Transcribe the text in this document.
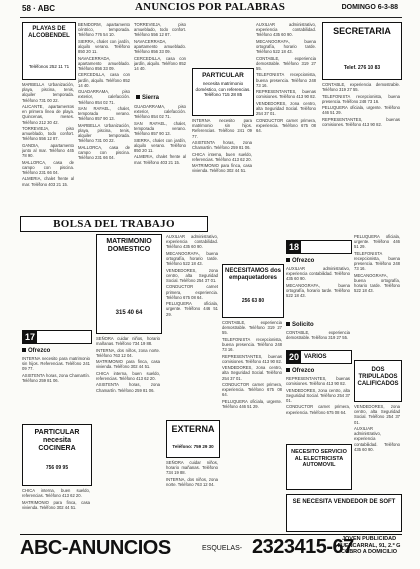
58 · ABC	ANUNCIOS POR PALABRAS	DOMINGO 6-3-88
PLAYAS DE ALCOBENDEL
Teléfonos 252 11 71

MARBELLA Urbanización, playa, piscina, tenis, alquiler temporada. Teléfono 731 00 22.

ALICANTE, apartamentos en primera línea de playa. Quincenas, meses. Teléfono 212 30 42.

TORREVIEJA, piso amueblado, todo confort. Teléfono 556 12 87.

GANDIA, apartamento junto al mar. Teléfono 445 78 90.

MALLORCA, casa de campo con piscina. Teléfono 231 66 04.

ALMERIA, chalet frente al mar. Teléfono 403 21 15.

BENIDORM, apartamento céntrico, temporada. Teléfono 776 54 10.

SIERRA, chalet con jardín, alquilo verano. Teléfono 850 20 11.

NAVACERRADA, apartamento amueblado. Teléfono 856 33 09.

CERCEDILLA, casa con jardín, alquilo. Teléfono 852 14 40.

GUADARRAMA, piso exterior, calefacción. Teléfono 854 02 71.

SAN RAFAEL, chalet, temporada verano. Teléfono 857 90 13.

MARBELLA Urbanización, playa, piscina, tenis, alquiler temporada. Teléfono 731 00 22.

MALLORCA, casa de campo con piscina. Teléfono 231 66 04.

TORREVIEJA, piso amueblado, todo confort. Teléfono 556 12 87.

NAVACERRADA, apartamento amueblado. Teléfono 856 33 09.

CERCEDILLA, casa con jardín, alquilo. Teléfono 852 14 40.

Sierra

GUADARRAMA, piso exterior, calefacción. Teléfono 854 02 71.

SAN RAFAEL, chalet, temporada verano. Teléfono 857 90 13.

SIERRA, chalet con jardín, alquilo verano. Teléfono 850 20 11.

ALMERIA, chalet frente al mar. Teléfono 403 21 15.

PARTICULAR
necesita matrimonio doméstico, con referencias. Teléfono 715 28 85

INTERNA necesito para matrimonio sin hijos. Referencias. Teléfono 241 09 77.

ASISTENTA horas, zona Chamartín. Teléfono 259 81 06.

CHICA interna, buen sueldo, referencias. Teléfono 413 62 20.

MATRIMONIO para finca, casa vivienda. Teléfono 302 44 51.

AUXILIAR administrativo, experiencia contabilidad. Teléfono 435 60 90.

MECANOGRAFA, buena ortografía, horario tarde. Teléfono 522 18 43.

CONTABLE, experiencia demostrable. Teléfono 319 27 55.

TELEFONISTA recepcionista, buena presencia. Teléfono 248 73 16.

REPRESENTANTES, buenas comisiones. Teléfono 413 90 82.

VENDEDORES, zona centro, alta Seguridad Social. Teléfono 254 37 01.

CONDUCTOR carnet primera, experiencia. Teléfono 675 08 64.

SECRETARIA
Telef. 276 10 83

CONTABLE, experiencia demostrable. Teléfono 319 27 55.

TELEFONISTA recepcionista, buena presencia. Teléfono 248 73 16.

PELUQUERA oficiala, urgente. Teléfono 446 51 29.

REPRESENTANTES, buenas comisiones. Teléfono 413 90 82.

BOLSA DEL TRABAJO
MATRIMONIO DOMESTICO
315 40 64
17
Ofrezco

INTERNA necesito para matrimonio sin hijos. Referencias. Teléfono 241 09 77.

ASISTENTA horas, zona Chamartín. Teléfono 259 81 06.

PARTICULAR necesita COCINERA
756 09 95

CHICA interna, buen sueldo, referencias. Teléfono 413 62 20.

MATRIMONIO para finca, casa vivienda. Teléfono 302 44 51.

SEÑORA cuidar niños, horario mañanas. Teléfono 734 19 88.

INTERNA, dos niños, zona norte. Teléfono 763 12 04.

MATRIMONIO para finca, casa vivienda. Teléfono 302 44 51.

CHICA interna, buen sueldo, referencias. Teléfono 413 62 20.

ASISTENTA horas, zona Chamartín. Teléfono 259 81 06.

AUXILIAR administrativo, experiencia contabilidad. Teléfono 435 60 90.

MECANOGRAFA, buena ortografía, horario tarde. Teléfono 522 18 43.

VENDEDORES, zona centro, alta Seguridad Social. Teléfono 254 37 01.

CONDUCTOR carnet primera, experiencia. Teléfono 675 08 64.

PELUQUERA oficiala, urgente. Teléfono 446 51 29.

EXTERNA
Teléfono: 759 29 30

SEÑORA cuidar niños, horario mañanas. Teléfono 734 19 88.

INTERNA, dos niños, zona norte. Teléfono 763 12 04.

NECESITAMOS dos empaquetadores
256 63 80

CONTABLE, experiencia demostrable. Teléfono 319 27 55.

TELEFONISTA recepcionista, buena presencia. Teléfono 248 73 16.

REPRESENTANTES, buenas comisiones. Teléfono 413 90 82.

VENDEDORES, zona centro, alta Seguridad Social. Teléfono 254 37 01.

CONDUCTOR carnet primera, experiencia. Teléfono 675 08 64.

PELUQUERA oficiala, urgente. Teléfono 446 51 29.

18
Ofrezco

AUXILIAR administrativo, experiencia contabilidad. Teléfono 435 60 90.

MECANOGRAFA, buena ortografía, horario tarde. Teléfono 522 18 43.

Solicito

CONTABLE, experiencia demostrable. Teléfono 319 27 55.

20 VARIOS
Ofrezco

REPRESENTANTES, buenas comisiones. Teléfono 413 90 82.

VENDEDORES, zona centro, alta Seguridad Social. Teléfono 254 37 01.

CONDUCTOR carnet primera, experiencia. Teléfono 675 08 64.

NECESITO SERVICIO AL ELECTRICISTA AUTOMOVIL

PELUQUERA oficiala, urgente. Teléfono 446 51 29.

TELEFONISTA recepcionista, buena presencia. Teléfono 248 73 16.

MECANOGRAFA, buena ortografía, horario tarde. Teléfono 522 18 43.

DOS TRIPULADOS CALIFICADOS

VENDEDORES, zona centro, alta Seguridad Social. Teléfono 254 37 01.

AUXILIAR administrativo, experiencia contabilidad. Teléfono 435 60 90.

SE NECESITA VENDEDOR DE SOFT
ABC-ANUNCIOS	ESQUELAS- 2323415-67
JOVEN PUBLICIDAD
FUENCARRAL, 91, 2.º G
COBRO A DOMICILIO
